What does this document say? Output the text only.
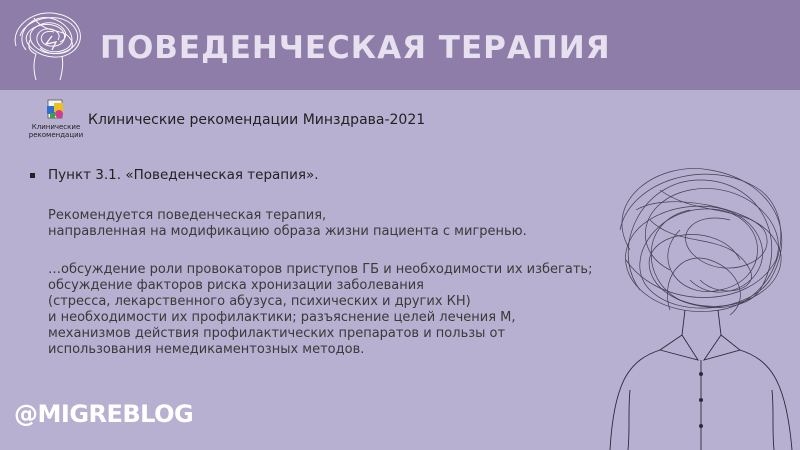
ПОВЕДЕНЧЕСКАЯ ТЕРАПИЯ
Клинические
рекомендации
Клинические рекомендации Минздрава-2021
Пункт 3.1. «Поведенческая терапия».
Рекомендуется поведенческая терапия,
направленная на модификацию образа жизни пациента с мигренью.
…обсуждение роли провокаторов приступов ГБ и необходимости их избегать;
обсуждение факторов риска хронизации заболевания
(стресса, лекарственного абузуса, психических и других КН)
и необходимости их профилактики; разъяснение целей лечения М,
механизмов действия профилактических препаратов и пользы от
использования немедикаментозных методов.
@MIGREBLOG
